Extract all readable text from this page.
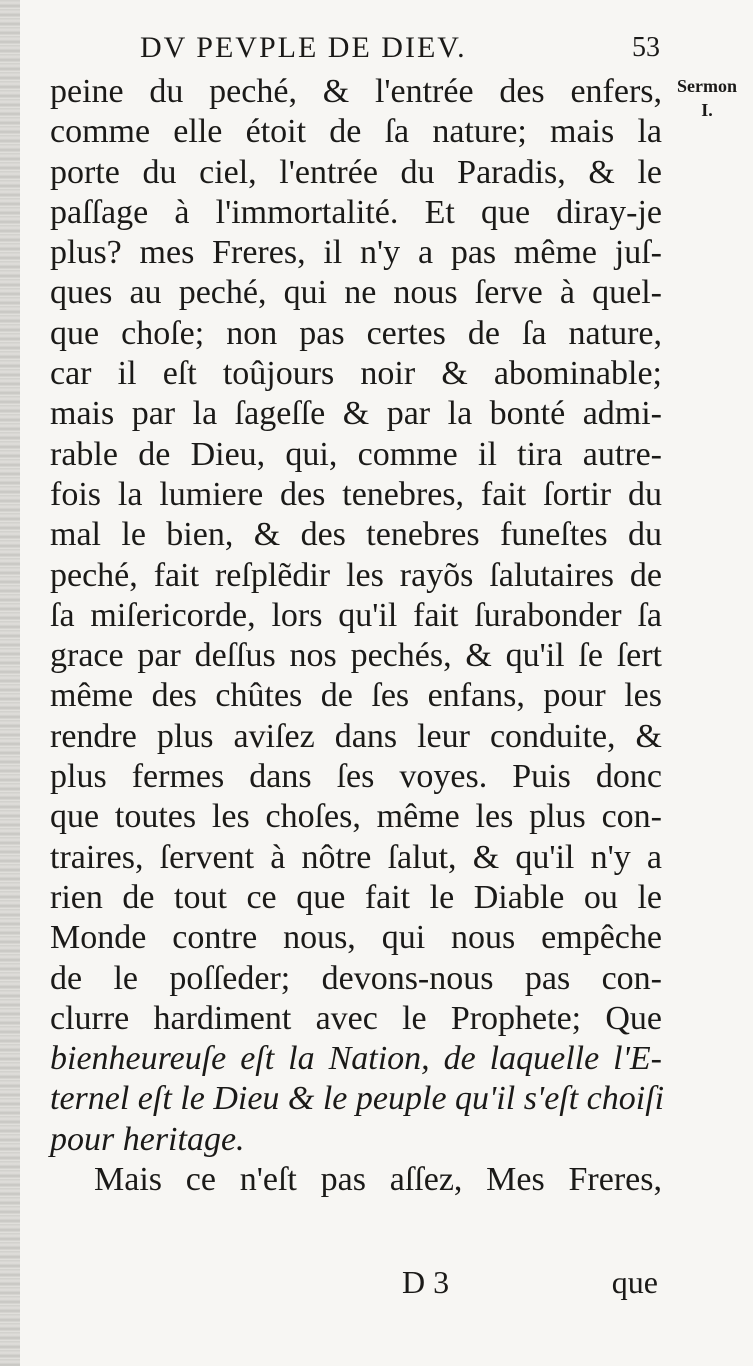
DV PEVPLE DE DIEV.	53
Sermon
I.
peine du peché, & l'entrée des enfers,
comme elle étoit de ſa nature; mais la
porte du ciel, l'entrée du Paradis, & le
paſſage à l'immortalité. Et que diray-je
plus? mes Freres, il n'y a pas même juſ-
ques au peché, qui ne nous ſerve à quel-
que choſe; non pas certes de ſa nature,
car il eſt toûjours noir & abominable;
mais par la ſageſſe & par la bonté admi-
rable de Dieu, qui, comme il tira autre-
fois la lumiere des tenebres, fait ſortir du
mal le bien, & des tenebres funeſtes du
peché, fait reſplẽdir les rayõs ſalutaires de
ſa miſericorde, lors qu'il fait ſurabonder ſa
grace par deſſus nos pechés, & qu'il ſe ſert
même des chûtes de ſes enfans, pour les
rendre plus aviſez dans leur conduite, &
plus fermes dans ſes voyes. Puis donc
que toutes les choſes, même les plus con-
traires, ſervent à nôtre ſalut, & qu'il n'y a
rien de tout ce que fait le Diable ou le
Monde contre nous, qui nous empêche
de le poſſeder; devons-nous pas con-
clurre hardiment avec le Prophete; Que
bienheureuſe eſt la Nation, de laquelle l'E-
ternel eſt le Dieu & le peuple qu'il s'eſt choiſi
pour heritage.
Mais ce n'eſt pas aſſez, Mes Freres,
D 3	que
